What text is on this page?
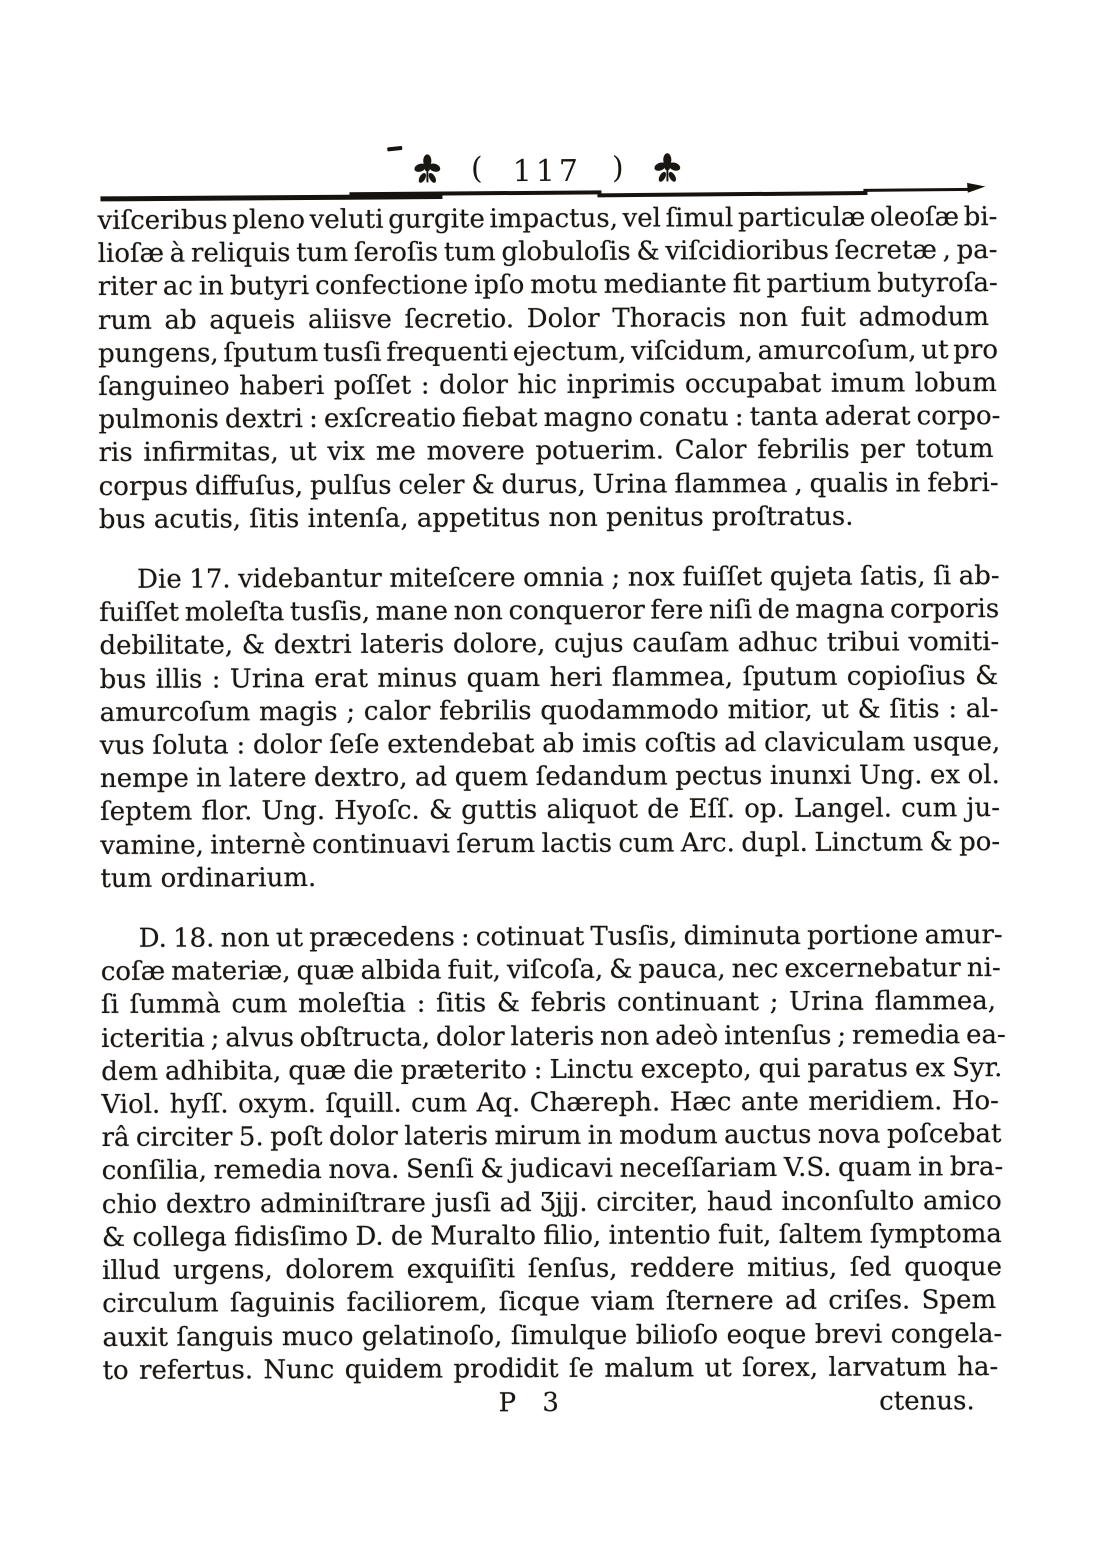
( 117 )
viſceribus pleno veluti gurgite impactus, vel ſimul particulæ oleoſæ bi-
lioſæ à reliquis tum ſeroſis tum globuloſis & viſcidioribus ſecretæ , pa-
riter ac in butyri confectione ipſo motu mediante fit partium butyroſa-
rum ab aqueis aliisve ſecretio. Dolor Thoracis non fuit admodum
pungens, ſputum tusſi frequenti ejectum, viſcidum, amurcoſum, ut pro
ſanguineo haberi poſſet : dolor hic inprimis occupabat imum lobum
pulmonis dextri : exſcreatio fiebat magno conatu : tanta aderat corpo-
ris infirmitas, ut vix me movere potuerim. Calor febrilis per totum
corpus diffuſus, pulſus celer & durus, Urina flammea , qualis in febri-
bus acutis, ſitis intenſa, appetitus non penitus proſtratus.
Die 17. videbantur miteſcere omnia ; nox fuiſſet qujeta ſatis, ſi ab-
fuiſſet moleſta tusſis, mane non conqueror fere niſi de magna corporis
debilitate, & dextri lateris dolore, cujus cauſam adhuc tribui vomiti-
bus illis : Urina erat minus quam heri flammea, ſputum copioſius &
amurcoſum magis ; calor febrilis quodammodo mitior, ut & ſitis : al-
vus ſoluta : dolor ſeſe extendebat ab imis coſtis ad claviculam usque,
nempe in latere dextro, ad quem ſedandum pectus inunxi Ung. ex ol.
ſeptem flor. Ung. Hyoſc. & guttis aliquot de Eſſ. op. Langel. cum ju-
vamine, internè continuavi ſerum lactis cum Arc. dupl. Linctum & po-
tum ordinarium.
D. 18. non ut præcedens : cotinuat Tusſis, diminuta portione amur-
coſæ materiæ, quæ albida fuit, viſcoſa, & pauca, nec excernebatur ni-
ſi ſummà cum moleſtia : ſitis & febris continuant ; Urina flammea,
icteritia ; alvus obſtructa, dolor lateris non adeò intenſus ; remedia ea-
dem adhibita, quæ die præterito : Linctu excepto, qui paratus ex Syr.
Viol. hyſſ. oxym. ſquill. cum Aq. Chæreph. Hæc ante meridiem. Ho-
râ circiter 5. poſt dolor lateris mirum in modum auctus nova poſcebat
conſilia, remedia nova. Senſi & judicavi neceſſariam V.S. quam in bra-
chio dextro adminiſtrare jusſi ad Ʒjjj. circiter, haud inconſulto amico
& collega fidisſimo D. de Muralto filio, intentio fuit, ſaltem ſymptoma
illud urgens, dolorem exquiſiti ſenſus, reddere mitius, ſed quoque
circulum ſaguinis faciliorem, ſicque viam ſternere ad criſes. Spem
auxit ſanguis muco gelatinoſo, ſimulque bilioſo eoque brevi congela-
to refertus. Nunc quidem prodidit ſe malum ut ſorex, larvatum ha-
P 3	ctenus.
